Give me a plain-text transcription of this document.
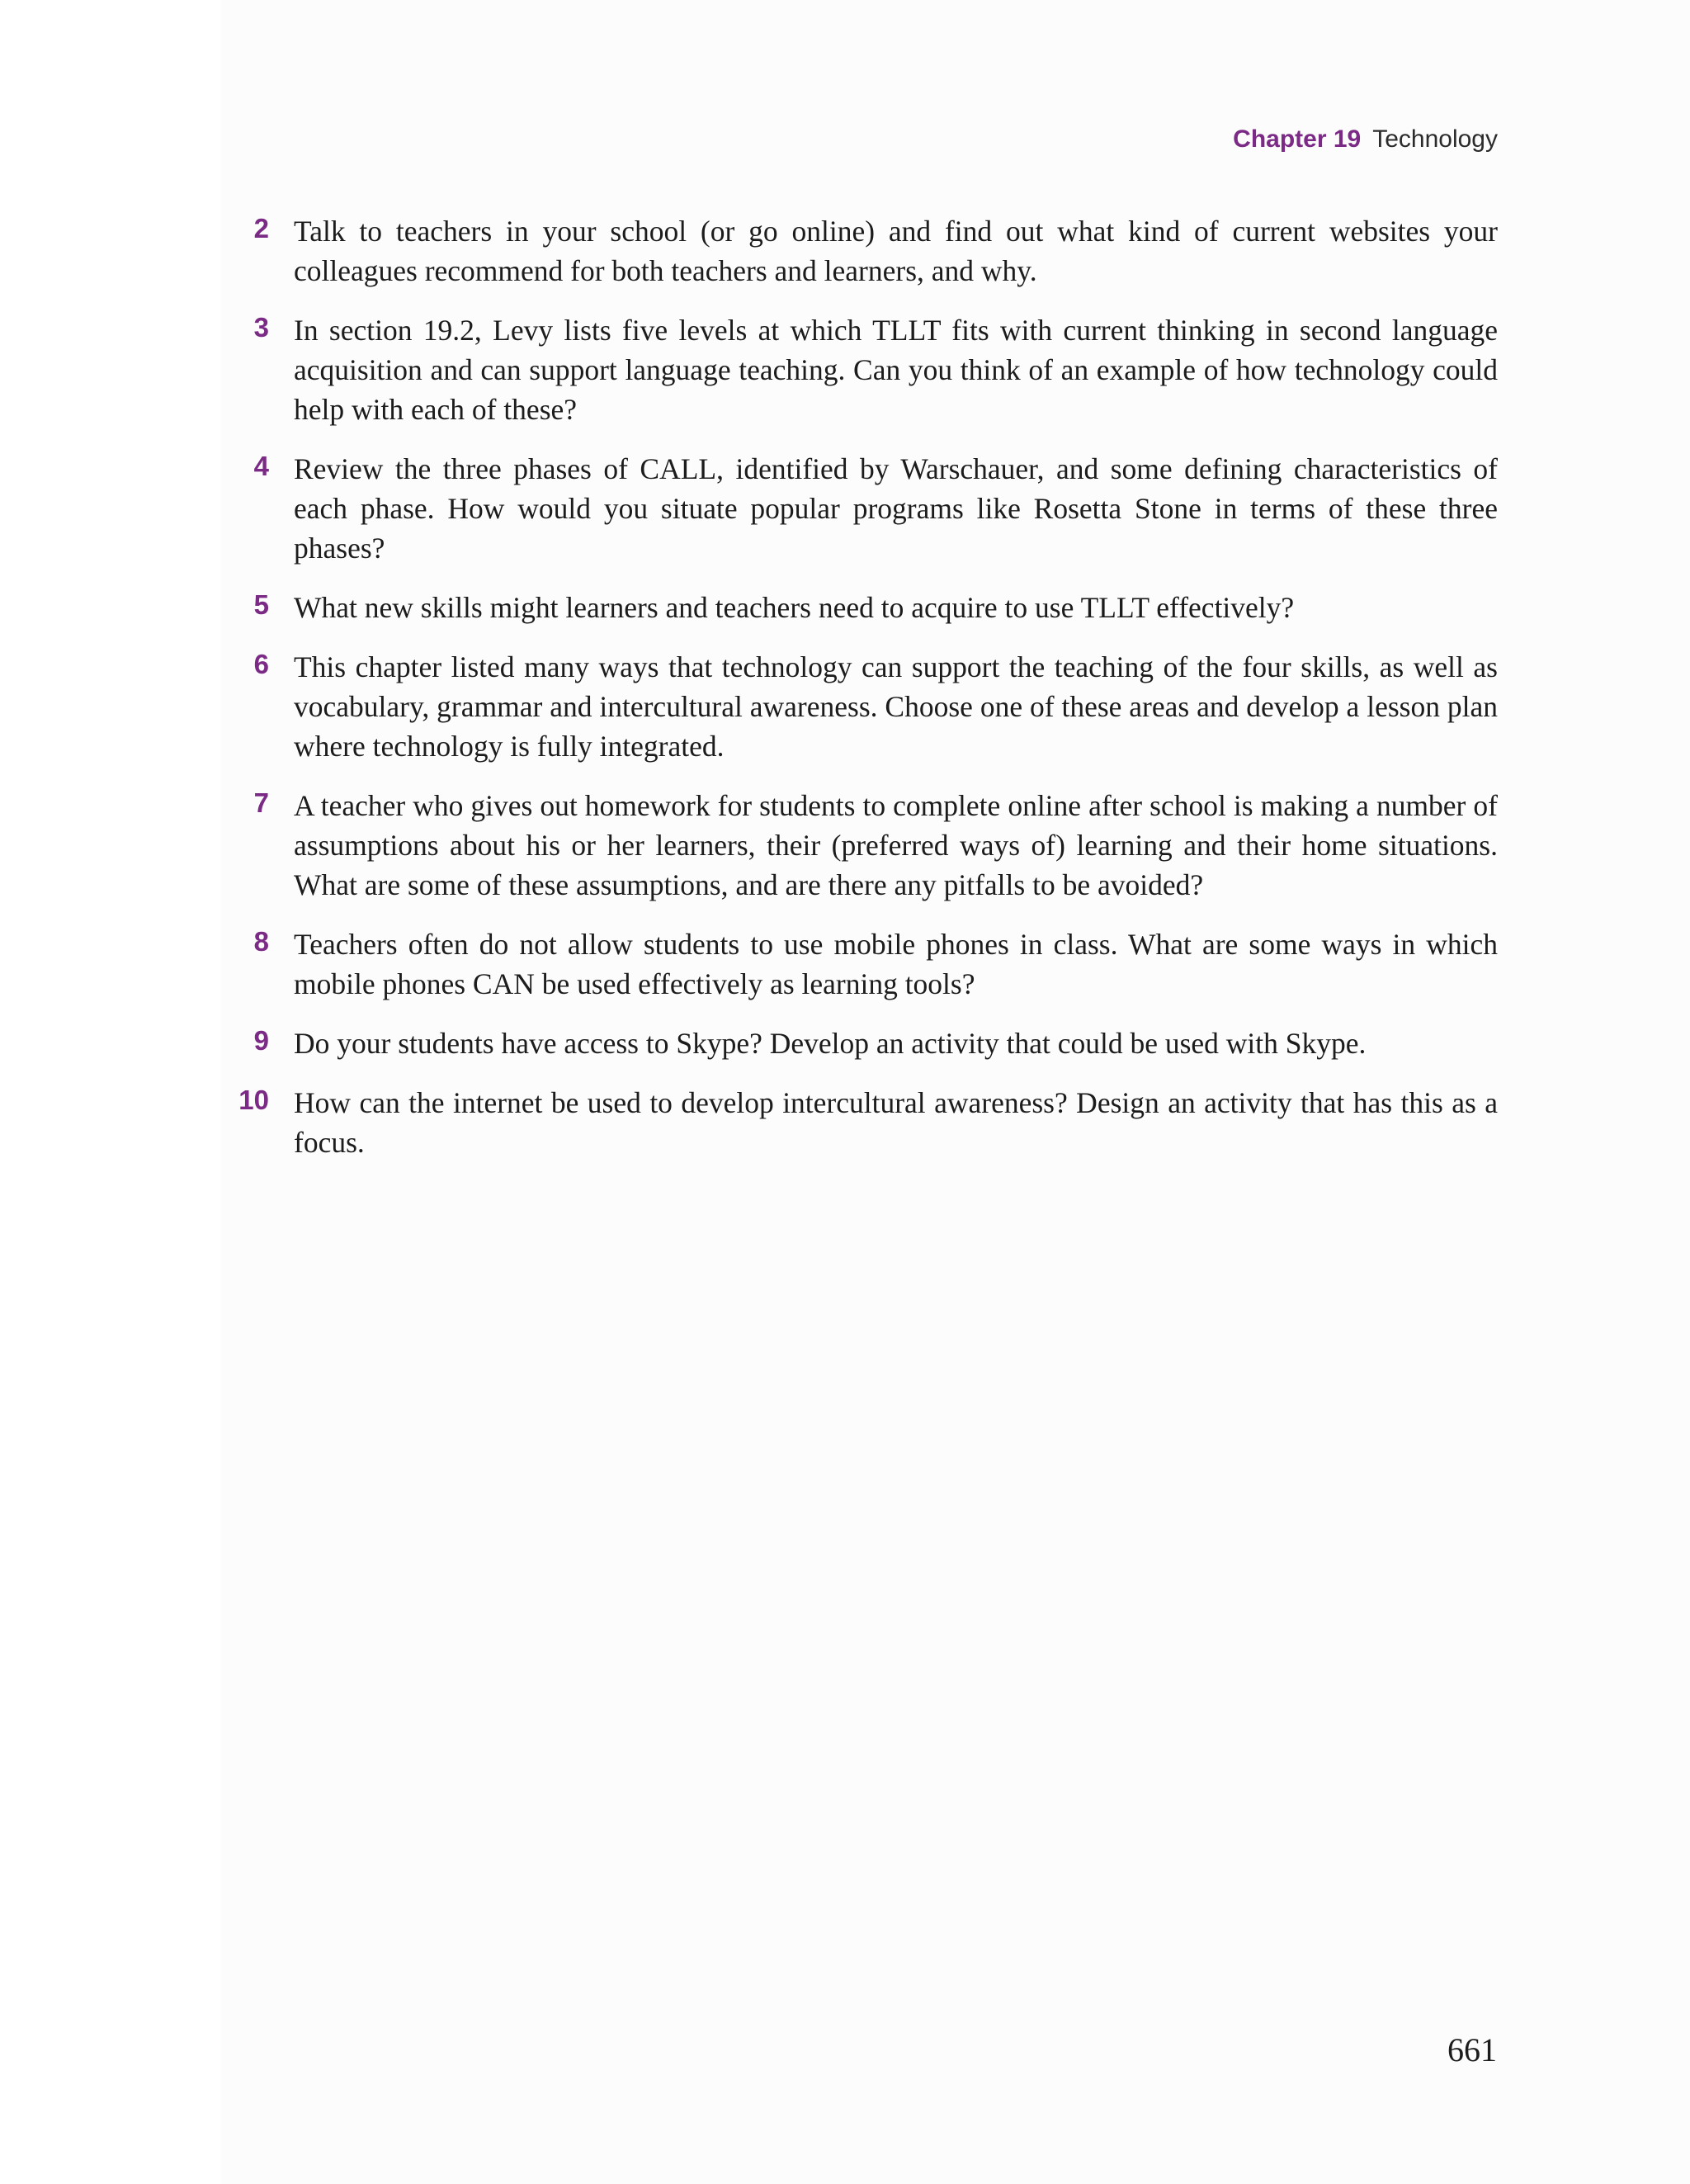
Chapter 19 Technology
2 Talk to teachers in your school (or go online) and find out what kind of current websites your colleagues recommend for both teachers and learners, and why.
3 In section 19.2, Levy lists five levels at which TLLT fits with current thinking in second language acquisition and can support language teaching. Can you think of an example of how technology could help with each of these?
4 Review the three phases of CALL, identified by Warschauer, and some defining characteristics of each phase. How would you situate popular programs like Rosetta Stone in terms of these three phases?
5 What new skills might learners and teachers need to acquire to use TLLT effectively?
6 This chapter listed many ways that technology can support the teaching of the four skills, as well as vocabulary, grammar and intercultural awareness. Choose one of these areas and develop a lesson plan where technology is fully integrated.
7 A teacher who gives out homework for students to complete online after school is making a number of assumptions about his or her learners, their (preferred ways of) learning and their home situations. What are some of these assumptions, and are there any pitfalls to be avoided?
8 Teachers often do not allow students to use mobile phones in class. What are some ways in which mobile phones CAN be used effectively as learning tools?
9 Do your students have access to Skype? Develop an activity that could be used with Skype.
10 How can the internet be used to develop intercultural awareness? Design an activity that has this as a focus.
661
